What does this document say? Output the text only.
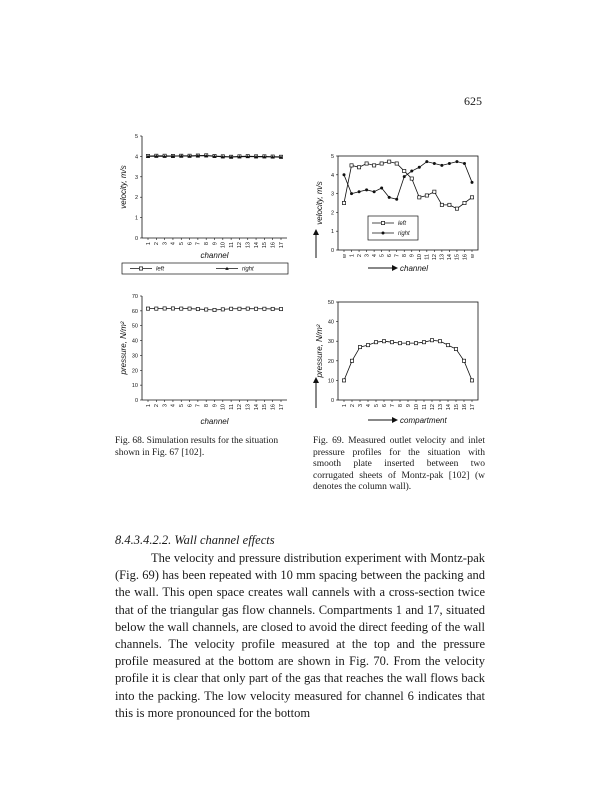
625
0
1
2
3
4
5
1 2 3 4 5 6 7 8 9 10 11 12 13 14 15 16 17
velocity, m/s
channel
left	right
0
1
2
3
4
5
w 1 2 3 4 5 6 7 8 9 10 11 12 13 14 15 16 w
velocity, m/s
channel
left
right
0
10
20
30
40
50
60
70
1 2 3 4 5 6 7 8 9 10 11 12 13 14 15 16 17
pressure, N/m²
channel
0
10
20
30
40
50
1 2 3 4 5 6 7 8 9 10 11 12 13 14 15 16 17
pressure, N/m²
compartment
Fig. 68. Simulation results for the situation shown in Fig. 67 [102].
Fig. 69. Measured outlet velocity and inlet pressure profiles for the situation with smooth plate inserted between two corrugated sheets of Montz-pak [102] (w denotes the column wall).
8.4.3.4.2.2. Wall channel effects

The velocity and pressure distribution experiment with Montz-pak (Fig. 69) has been repeated with 10 mm spacing between the packing and the wall. This open space creates wall cannels with a cross-section twice that of the triangular gas flow channels. Compartments 1 and 17, situated below the wall channels, are closed to avoid the direct feeding of the wall channels. The velocity profile measured at the top and the pressure profile measured at the bottom are shown in Fig. 70. From the velocity profile it is clear that only part of the gas that reaches the wall flows back into the packing. The low velocity measured for channel 6 indicates that this is more pronounced for the bottom
